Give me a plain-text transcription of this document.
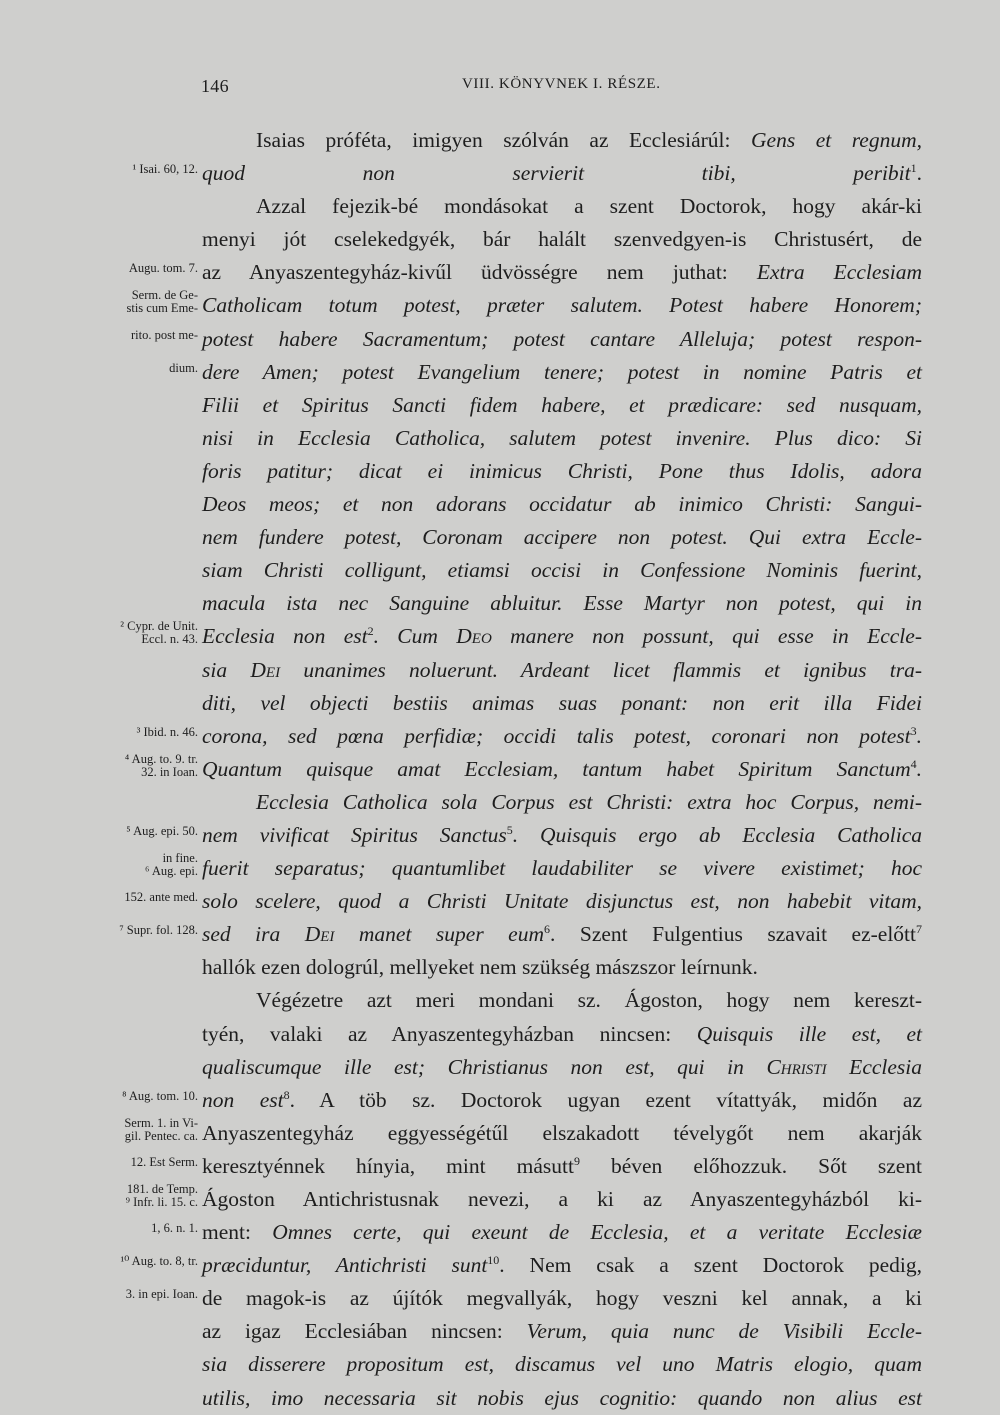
146	VIII. KÖNYVNEK I. RÉSZE.
Isaias próféta, imigyen szólván az Ecclesiárúl: Gens et regnum,
quod non servierit tibi, peribit$^1$.
¹ Isai. 60, 12.
Azzal fejezik-bé mondásokat a szent Doctorok, hogy akár-ki
menyi jót cselekedgyék, bár halált szenvedgyen-is Christusért, de
az Anyaszentegyház-kivűl üdvösségre nem juthat: Extra Ecclesiam
Augu. tom. 7.
Catholicam totum potest, præter salutem. Potest habere Honorem;
Serm. de Ge-
stis cum Eme-
potest habere Sacramentum; potest cantare Alleluja; potest respon-
rito. post me-
dere Amen; potest Evangelium tenere; potest in nomine Patris et
dium.
Filii et Spiritus Sancti fidem habere, et prædicare: sed nusquam,
nisi in Ecclesia Catholica, salutem potest invenire. Plus dico: Si
foris patitur; dicat ei inimicus Christi, Pone thus Idolis, adora
Deos meos; et non adorans occidatur ab inimico Christi: Sangui-
nem fundere potest, Coronam accipere non potest. Qui extra Eccle-
siam Christi colligunt, etiamsi occisi in Confessione Nominis fuerint,
macula ista nec Sanguine abluitur. Esse Martyr non potest, qui in
Ecclesia non est$^2$. Cum Deo manere non possunt, qui esse in Eccle-
² Cypr. de Unit.
Eccl. n. 43.
sia Dei unanimes noluerunt. Ardeant licet flammis et ignibus tra-
diti, vel objecti bestiis animas suas ponant: non erit illa Fidei
corona, sed pœna perfidiæ; occidi talis potest, coronari non potest$^3$.
³ Ibid. n. 46.
Quantum quisque amat Ecclesiam, tantum habet Spiritum Sanctum$^4$.
⁴ Aug. to. 9. tr.
32. in Ioan.
Ecclesia Catholica sola Corpus est Christi: extra hoc Corpus, nemi-
nem vivificat Spiritus Sanctus$^5$. Quisquis ergo ab Ecclesia Catholica
⁵ Aug. epi. 50.
fuerit separatus; quantumlibet laudabiliter se vivere existimet; hoc
in fine.
⁶ Aug. epi.
solo scelere, quod a Christi Unitate disjunctus est, non habebit vitam,
152. ante med.
sed ira Dei manet super eum$^6$. Szent Fulgentius szavait ez-előtt$^7$
⁷ Supr. fol. 128.
hallók ezen dologrúl, mellyeket nem szükség mászszor leírnunk.
Végézetre azt meri mondani sz. Ágoston, hogy nem kereszt-
tyén, valaki az Anyaszentegyházban nincsen: Quisquis ille est, et
qualiscumque ille est; Christianus non est, qui in Christi Ecclesia
non est$^8$. A töb sz. Doctorok ugyan ezent vítattyák, midőn az
⁸ Aug. tom. 10.
Anyaszentegyház eggyességétűl elszakadott tévelygőt nem akarják
Serm. 1. in Vi-
gil. Pentec. ca.
keresztyénnek hínyia, mint másutt$^9$ béven előhozzuk. Sőt szent
12. Est Serm.
Ágoston Antichristusnak nevezi, a ki az Anyaszentegyházból ki-
181. de Temp.
⁹ Infr. li. 15. c.
ment: Omnes certe, qui exeunt de Ecclesia, et a veritate Ecclesiæ
1, 6. n. 1.
præciduntur, Antichristi sunt$^{10}$. Nem csak a szent Doctorok pedig,
¹⁰ Aug. to. 8, tr.
de magok-is az újítók megvallyák, hogy veszni kel annak, a ki
3. in epi. Ioan.
az igaz Ecclesiában nincsen: Verum, quia nunc de Visibili Eccle-
sia disserere propositum est, discamus vel uno Matris elogio, quam
utilis, imo necessaria sit nobis ejus cognitio: quando non alius est
